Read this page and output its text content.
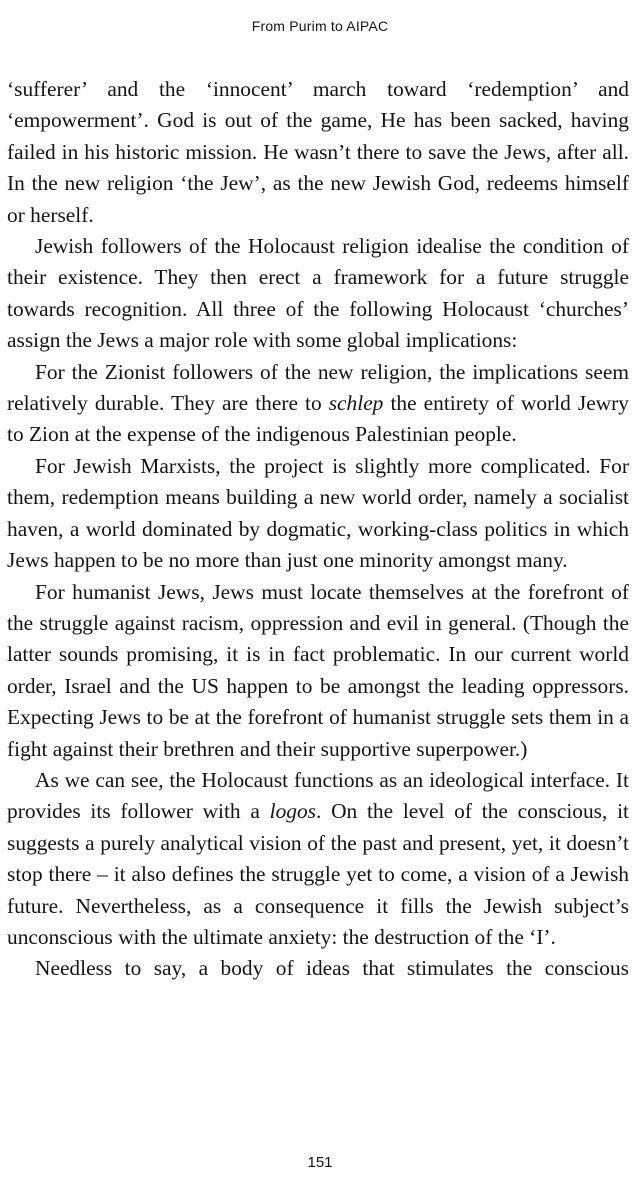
From Purim to AIPAC

‘sufferer’ and the ‘innocent’ march toward ‘redemption’ and ‘empowerment’. God is out of the game, He has been sacked, having failed in his historic mission. He wasn’t there to save the Jews, after all. In the new religion ‘the Jew’, as the new Jewish God, redeems himself or herself.

Jewish followers of the Holocaust religion idealise the condition of their existence. They then erect a framework for a future struggle towards recognition. All three of the following Holocaust ‘churches’ assign the Jews a major role with some global implications:

For the Zionist followers of the new religion, the implications seem relatively durable. They are there to schlep the entirety of world Jewry to Zion at the expense of the indigenous Palestinian people.

For Jewish Marxists, the project is slightly more complicated. For them, redemption means building a new world order, namely a socialist haven, a world dominated by dogmatic, working-class politics in which Jews happen to be no more than just one minority amongst many.

For humanist Jews, Jews must locate themselves at the forefront of the struggle against racism, oppression and evil in general. (Though the latter sounds promising, it is in fact problematic. In our current world order, Israel and the US happen to be amongst the leading oppressors. Expecting Jews to be at the forefront of humanist struggle sets them in a fight against their brethren and their supportive superpower.)

As we can see, the Holocaust functions as an ideological interface. It provides its follower with a logos. On the level of the conscious, it suggests a purely analytical vision of the past and present, yet, it doesn’t stop there – it also defines the struggle yet to come, a vision of a Jewish future. Nevertheless, as a consequence it fills the Jewish subject’s unconscious with the ultimate anxiety: the destruction of the ‘I’.

Needless to say, a body of ideas that stimulates the conscious

151
